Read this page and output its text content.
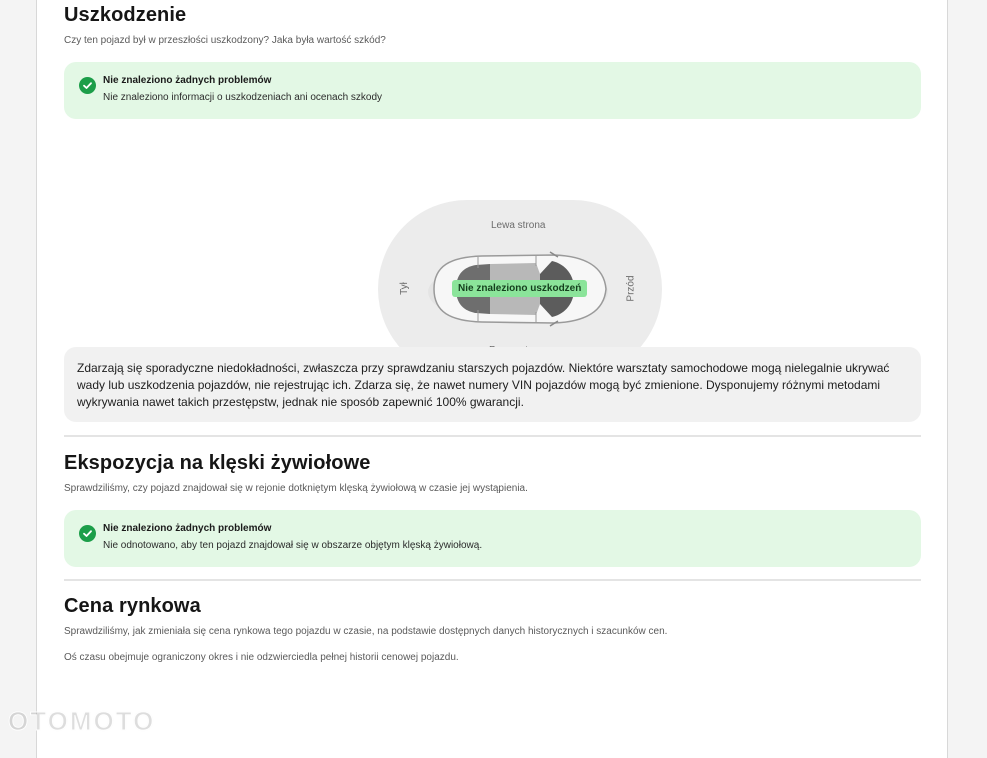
Uszkodzenie
Czy ten pojazd był w przeszłości uszkodzony? Jaka była wartość szkód?
Nie znaleziono żadnych problemów
Nie znaleziono informacji o uszkodzeniach ani ocenach szkody
Lewa strona
Tył	Przód
Nie znaleziono uszkodzeń

Zdarzają się sporadyczne niedokładności, zwłaszcza przy sprawdzaniu starszych pojazdów. Niektóre warsztaty samochodowe mogą nielegalnie ukrywać wady lub uszkodzenia pojazdów, nie rejestrując ich. Zdarza się, że nawet numery VIN pojazdów mogą być zmienione. Dysponujemy różnymi metodami wykrywania nawet takich przestępstw, jednak nie sposób zapewnić 100% gwarancji.

Ekspozycja na klęski żywiołowe
Sprawdziliśmy, czy pojazd znajdował się w rejonie dotkniętym klęską żywiołową w czasie jej wystąpienia.
Nie znaleziono żadnych problemów
Nie odnotowano, aby ten pojazd znajdował się w obszarze objętym klęską żywiołową.
Cena rynkowa
Sprawdziliśmy, jak zmieniała się cena rynkowa tego pojazdu w czasie, na podstawie dostępnych danych historycznych i szacunków cen.
Oś czasu obejmuje ograniczony okres i nie odzwierciedla pełnej historii cenowej pojazdu.
OTOMOTO
